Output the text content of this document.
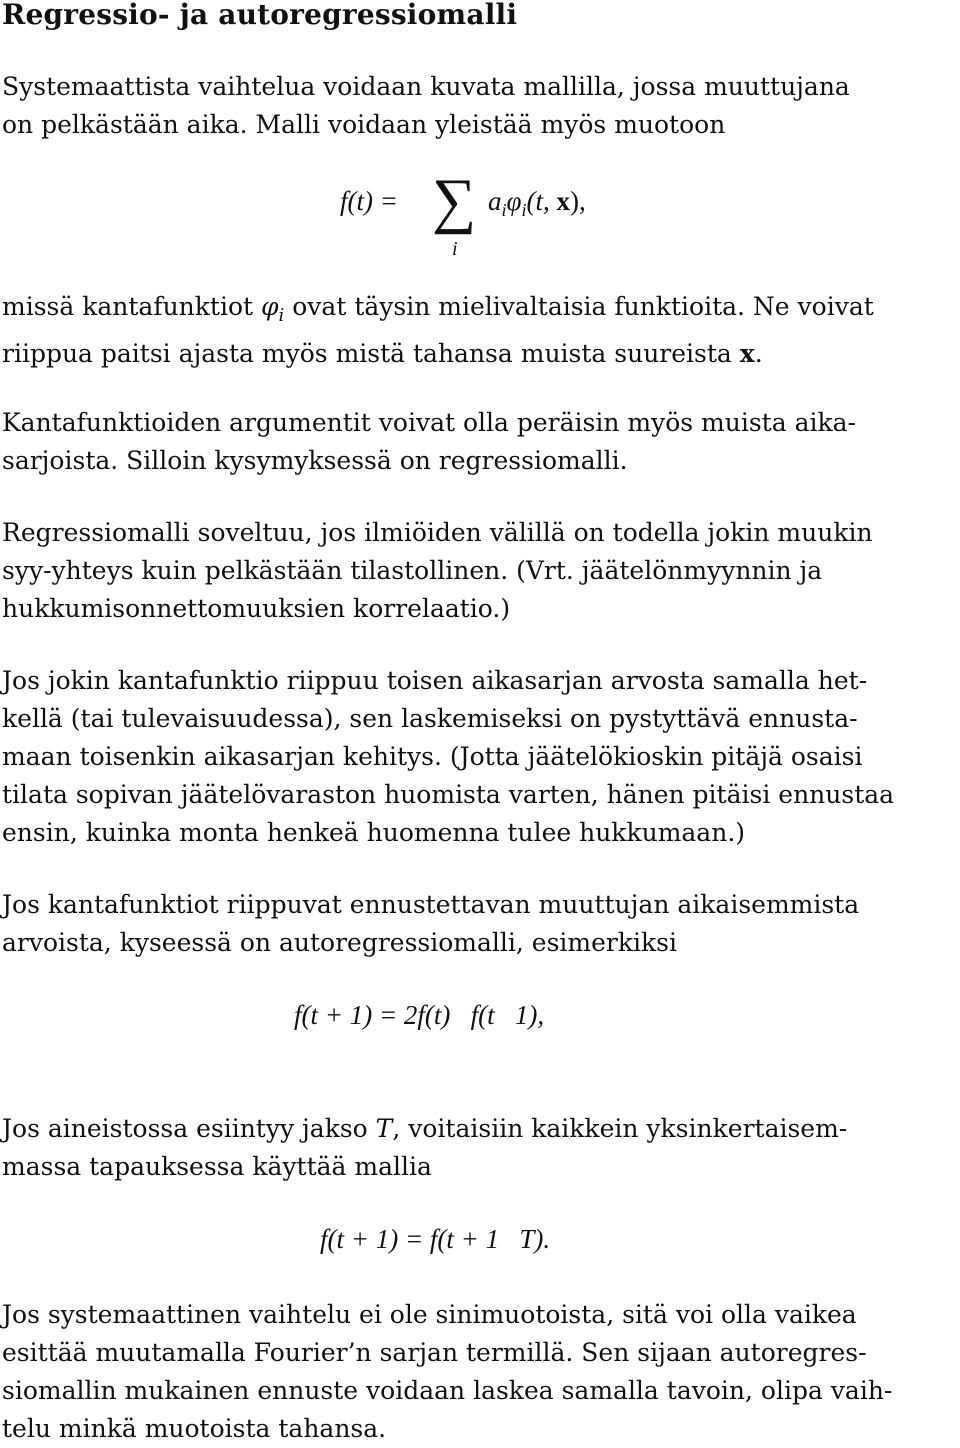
Regressio- ja autoregressiomalli
Systemaattista vaihtelua voidaan kuvata mallilla, jossa muuttujana
on pelkästään aika. Malli voidaan yleistää myös muotoon
f(t) = ∑
i
$a_i\varphi_i(t$, x),
missä kantafunktiot $\varphi_i$ ovat täysin mielivaltaisia funktioita. Ne voivat
riippua paitsi ajasta myös mistä tahansa muista suureista x.
Kantafunktioiden argumentit voivat olla peräisin myös muista aika-
sarjoista. Silloin kysymyksessä on regressiomalli.
Regressiomalli soveltuu, jos ilmiöiden välillä on todella jokin muukin
syy-yhteys kuin pelkästään tilastollinen. (Vrt. jäätelönmyynnin ja
hukkumisonnettomuuksien korrelaatio.)
Jos jokin kantafunktio riippuu toisen aikasarjan arvosta samalla het-
kellä (tai tulevaisuudessa), sen laskemiseksi on pystyttävä ennusta-
maan toisenkin aikasarjan kehitys. (Jotta jäätelökioskin pitäjä osaisi
tilata sopivan jäätelövaraston huomista varten, hänen pitäisi ennustaa
ensin, kuinka monta henkeä huomenna tulee hukkumaan.)
Jos kantafunktiot riippuvat ennustettavan muuttujan aikaisemmista
arvoista, kyseessä on autoregressiomalli, esimerkiksi
f(t + 1) = 2f(t)   f(t   1),
Jos aineistossa esiintyy jakso T, voitaisiin kaikkein yksinkertaisem-
massa tapauksessa käyttää mallia
f(t + 1) = f(t + 1   T).
Jos systemaattinen vaihtelu ei ole sinimuotoista, sitä voi olla vaikea
esittää muutamalla Fourier’n sarjan termillä. Sen sijaan autoregres-
siomallin mukainen ennuste voidaan laskea samalla tavoin, olipa vaih-
telu minkä muotoista tahansa.
